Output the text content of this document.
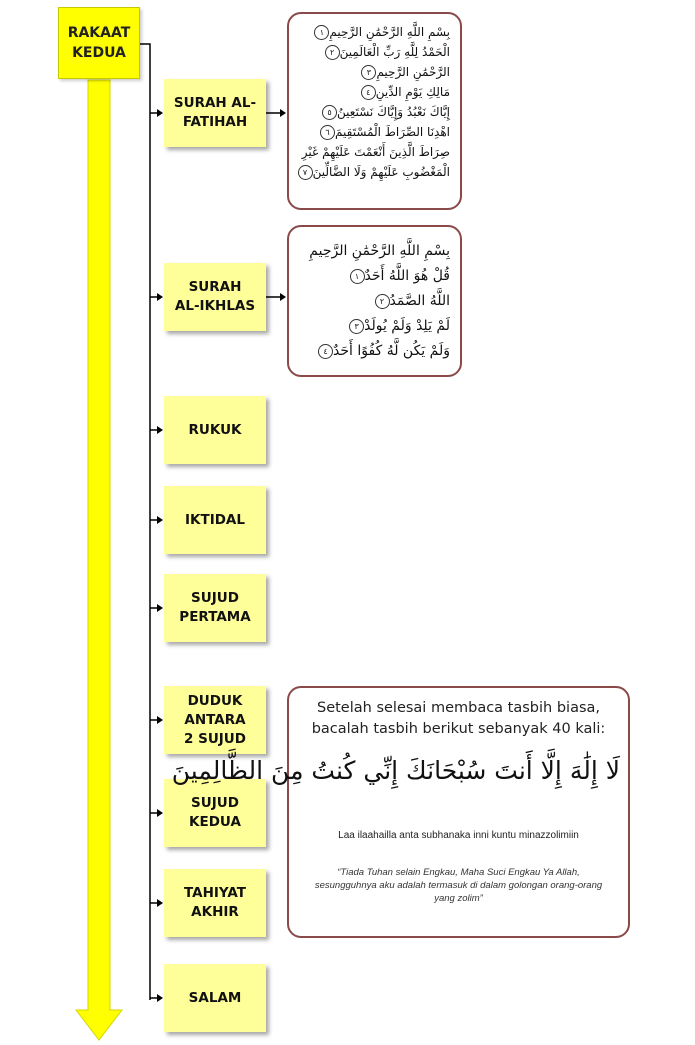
RAKAAT
KEDUA
SURAH AL-
FATIHAH
SURAH
AL-IKHLAS
RUKUK
IKTIDAL
SUJUD
PERTAMA
DUDUK
ANTARA
2 SUJUD
SUJUD KEDUA
TAHIYAT
AKHIR
SALAM
بِسْمِ اللَّهِ الرَّحْمَٰنِ الرَّحِيمِ١
الْحَمْدُ لِلَّهِ رَبِّ الْعَالَمِينَ٢
الرَّحْمَٰنِ الرَّحِيمِ٣
مَالِكِ يَوْمِ الدِّينِ٤
إِيَّاكَ نَعْبُدُ وَإِيَّاكَ نَسْتَعِينُ٥
اهْدِنَا الصِّرَاطَ الْمُسْتَقِيمَ٦
صِرَاطَ الَّذِينَ أَنْعَمْتَ عَلَيْهِمْ غَيْرِ
الْمَغْضُوبِ عَلَيْهِمْ وَلَا الضَّالِّينَ٧
بِسْمِ اللَّهِ الرَّحْمَٰنِ الرَّحِيمِ
قُلْ هُوَ اللَّهُ أَحَدٌ١
اللَّهُ الصَّمَدُ٢
لَمْ يَلِدْ وَلَمْ يُولَدْ٣
وَلَمْ يَكُن لَّهُ كُفُوًا أَحَدٌ٤
Setelah selesai membaca tasbih biasa,
bacalah tasbih berikut sebanyak 40 kali:
لَا إِلَٰهَ إِلَّا أَنتَ سُبْحَانَكَ إِنِّي كُنتُ مِنَ الظَّالِمِينَ
Laa ilaahailla anta subhanaka inni kuntu minazzolimiin
“Tiada Tuhan selain Engkau, Maha Suci Engkau Ya Allah,
sesungguhnya aku adalah termasuk di dalam golongan orang-orang
yang zolim”
